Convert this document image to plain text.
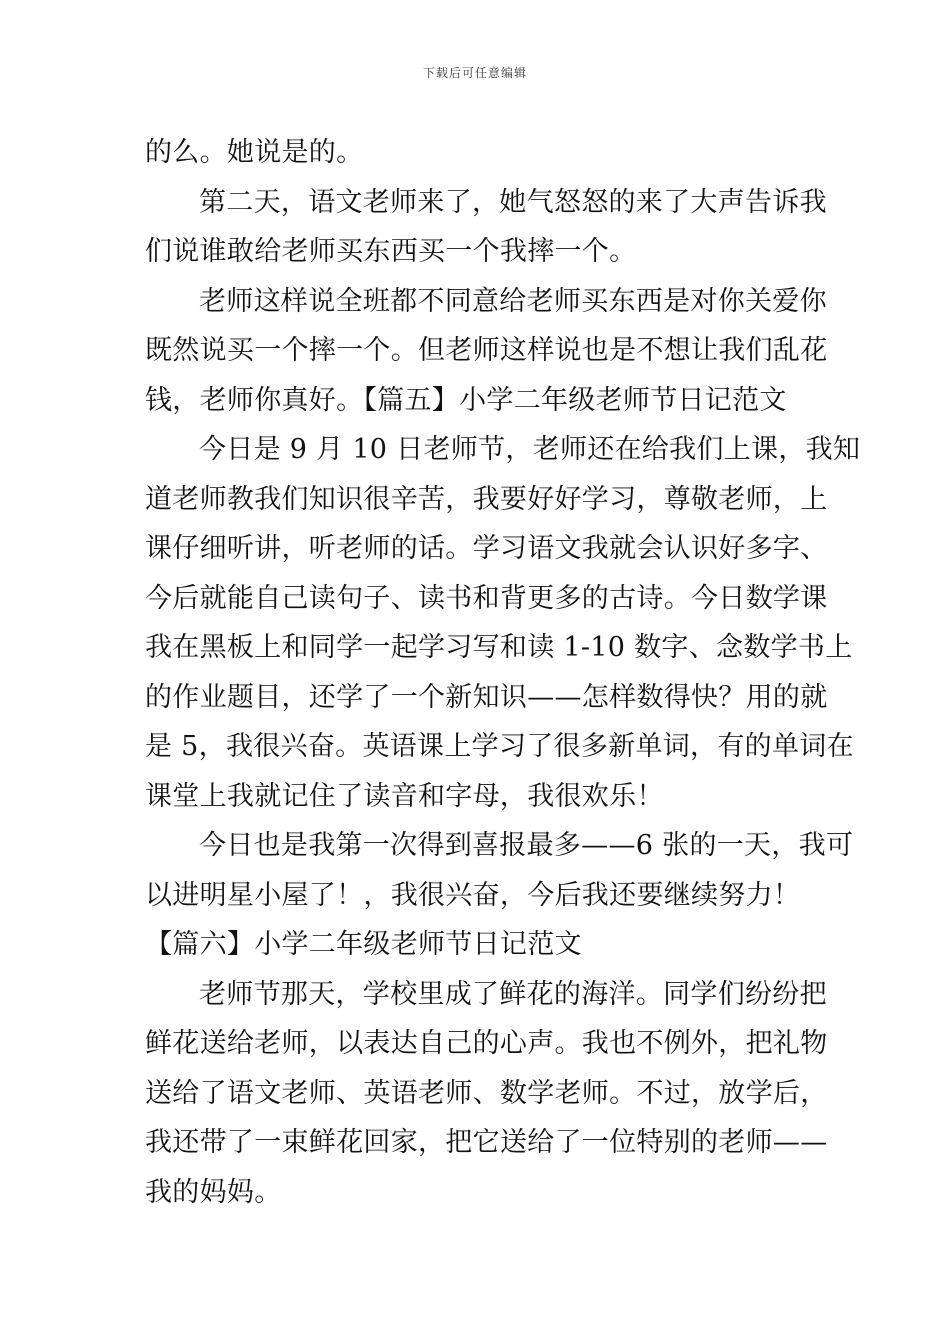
下载后可任意编辑
的么。她说是的。
第二天，语文老师来了，她气怒怒的来了大声告诉我
们说谁敢给老师买东西买一个我摔一个。
老师这样说全班都不同意给老师买东西是对你关爱你
既然说买一个摔一个。但老师这样说也是不想让我们乱花
钱，老师你真好。【篇五】小学二年级老师节日记范文
今日是 9 月 10 日老师节，老师还在给我们上课，我知
道老师教我们知识很辛苦，我要好好学习，尊敬老师，上
课仔细听讲，听老师的话。学习语文我就会认识好多字、
今后就能自己读句子、读书和背更多的古诗。今日数学课
我在黑板上和同学一起学习写和读 1-10 数字、念数学书上
的作业题目，还学了一个新知识——怎样数得快？用的就
是 5，我很兴奋。英语课上学习了很多新单词，有的单词在
课堂上我就记住了读音和字母，我很欢乐！
今日也是我第一次得到喜报最多——6 张的一天，我可
以进明星小屋了！，我很兴奋，今后我还要继续努力！
【篇六】小学二年级老师节日记范文
老师节那天，学校里成了鲜花的海洋。同学们纷纷把
鲜花送给老师，以表达自己的心声。我也不例外，把礼物
送给了语文老师、英语老师、数学老师。不过，放学后，
我还带了一束鲜花回家，把它送给了一位特别的老师——
我的妈妈。
